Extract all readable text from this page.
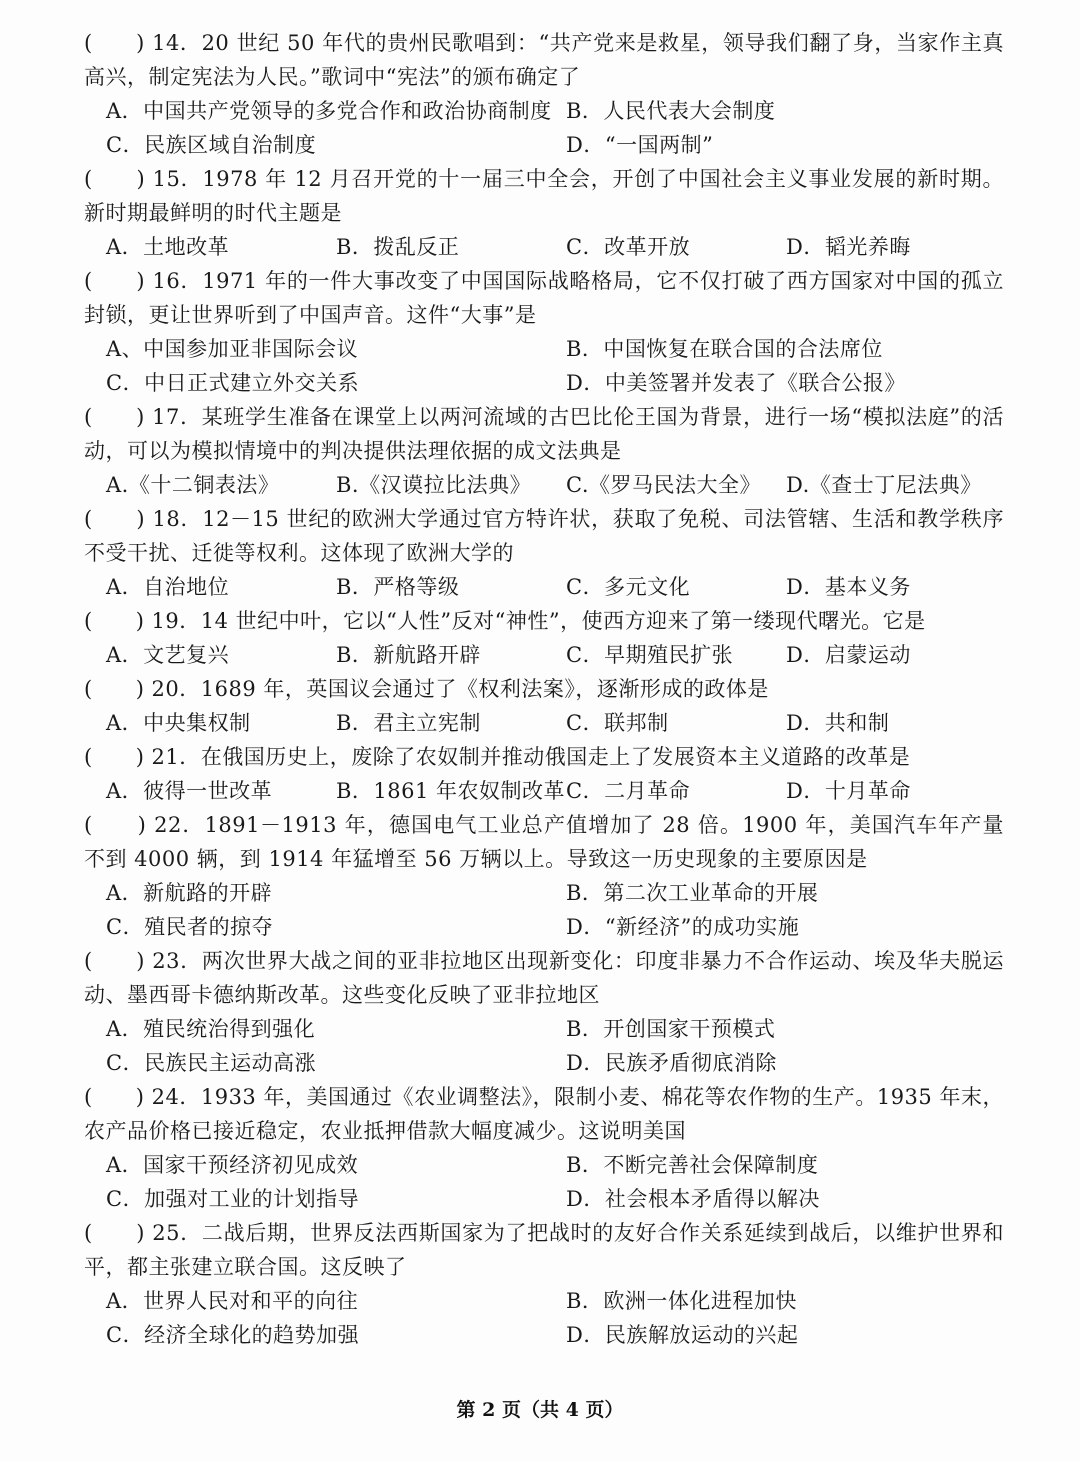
(　　) 14．20 世纪 50 年代的贵州民歌唱到：“共产党来是救星，领导我们翻了身，当家作主真高兴，制定宪法为人民。”歌词中“宪法”的颁布确定了

A．中国共产党领导的多党合作和政治协商制度 B．人民代表大会制度
C．民族区域自治制度	D．“一国两制”

(　　) 15．1978 年 12 月召开党的十一届三中全会，开创了中国社会主义事业发展的新时期。新时期最鲜明的时代主题是

A．土地改革	B．拨乱反正	C．改革开放	D．韬光养晦

(　　) 16．1971 年的一件大事改变了中国国际战略格局，它不仅打破了西方国家对中国的孤立封锁，更让世界听到了中国声音。这件“大事”是

A、中国参加亚非国际会议	B．中国恢复在联合国的合法席位
C．中日正式建立外交关系	D．中美签署并发表了《联合公报》

(　　) 17．某班学生准备在课堂上以两河流域的古巴比伦王国为背景，进行一场“模拟法庭”的活动，可以为模拟情境中的判决提供法理依据的成文法典是

A.《十二铜表法》	B.《汉谟拉比法典》	C.《罗马民法大全》	D.《查士丁尼法典》

(　　) 18．12－15 世纪的欧洲大学通过官方特许状，获取了免税、司法管辖、生活和教学秩序不受干扰、迁徙等权利。这体现了欧洲大学的

A．自治地位	B．严格等级	C．多元文化	D．基本义务

(　　) 19．14 世纪中叶，它以“人性”反对“神性”，使西方迎来了第一缕现代曙光。它是

A．文艺复兴	B．新航路开辟	C．早期殖民扩张	D．启蒙运动

(　　) 20．1689 年，英国议会通过了《权利法案》，逐渐形成的政体是

A．中央集权制	B．君主立宪制	C．联邦制	D．共和制

(　　) 21．在俄国历史上，废除了农奴制并推动俄国走上了发展资本主义道路的改革是

A．彼得一世改革	B．1861 年农奴制改革 C．二月革命	D．十月革命

(　　) 22．1891－1913 年，德国电气工业总产值增加了 28 倍。1900 年，美国汽车年产量不到 4000 辆，到 1914 年猛增至 56 万辆以上。导致这一历史现象的主要原因是

A．新航路的开辟	B．第二次工业革命的开展
C．殖民者的掠夺	D．“新经济”的成功实施

(　　) 23．两次世界大战之间的亚非拉地区出现新变化：印度非暴力不合作运动、埃及华夫脱运动、墨西哥卡德纳斯改革。这些变化反映了亚非拉地区

A．殖民统治得到强化	B．开创国家干预模式
C．民族民主运动高涨	D．民族矛盾彻底消除

(　　) 24．1933 年，美国通过《农业调整法》，限制小麦、棉花等农作物的生产。1935 年末，农产品价格已接近稳定，农业抵押借款大幅度减少。这说明美国

A．国家干预经济初见成效	B．不断完善社会保障制度
C．加强对工业的计划指导	D．社会根本矛盾得以解决

(　　) 25．二战后期，世界反法西斯国家为了把战时的友好合作关系延续到战后，以维护世界和平，都主张建立联合国。这反映了

A．世界人民对和平的向往	B．欧洲一体化进程加快
C．经济全球化的趋势加强	D．民族解放运动的兴起
第 2 页（共 4 页）
